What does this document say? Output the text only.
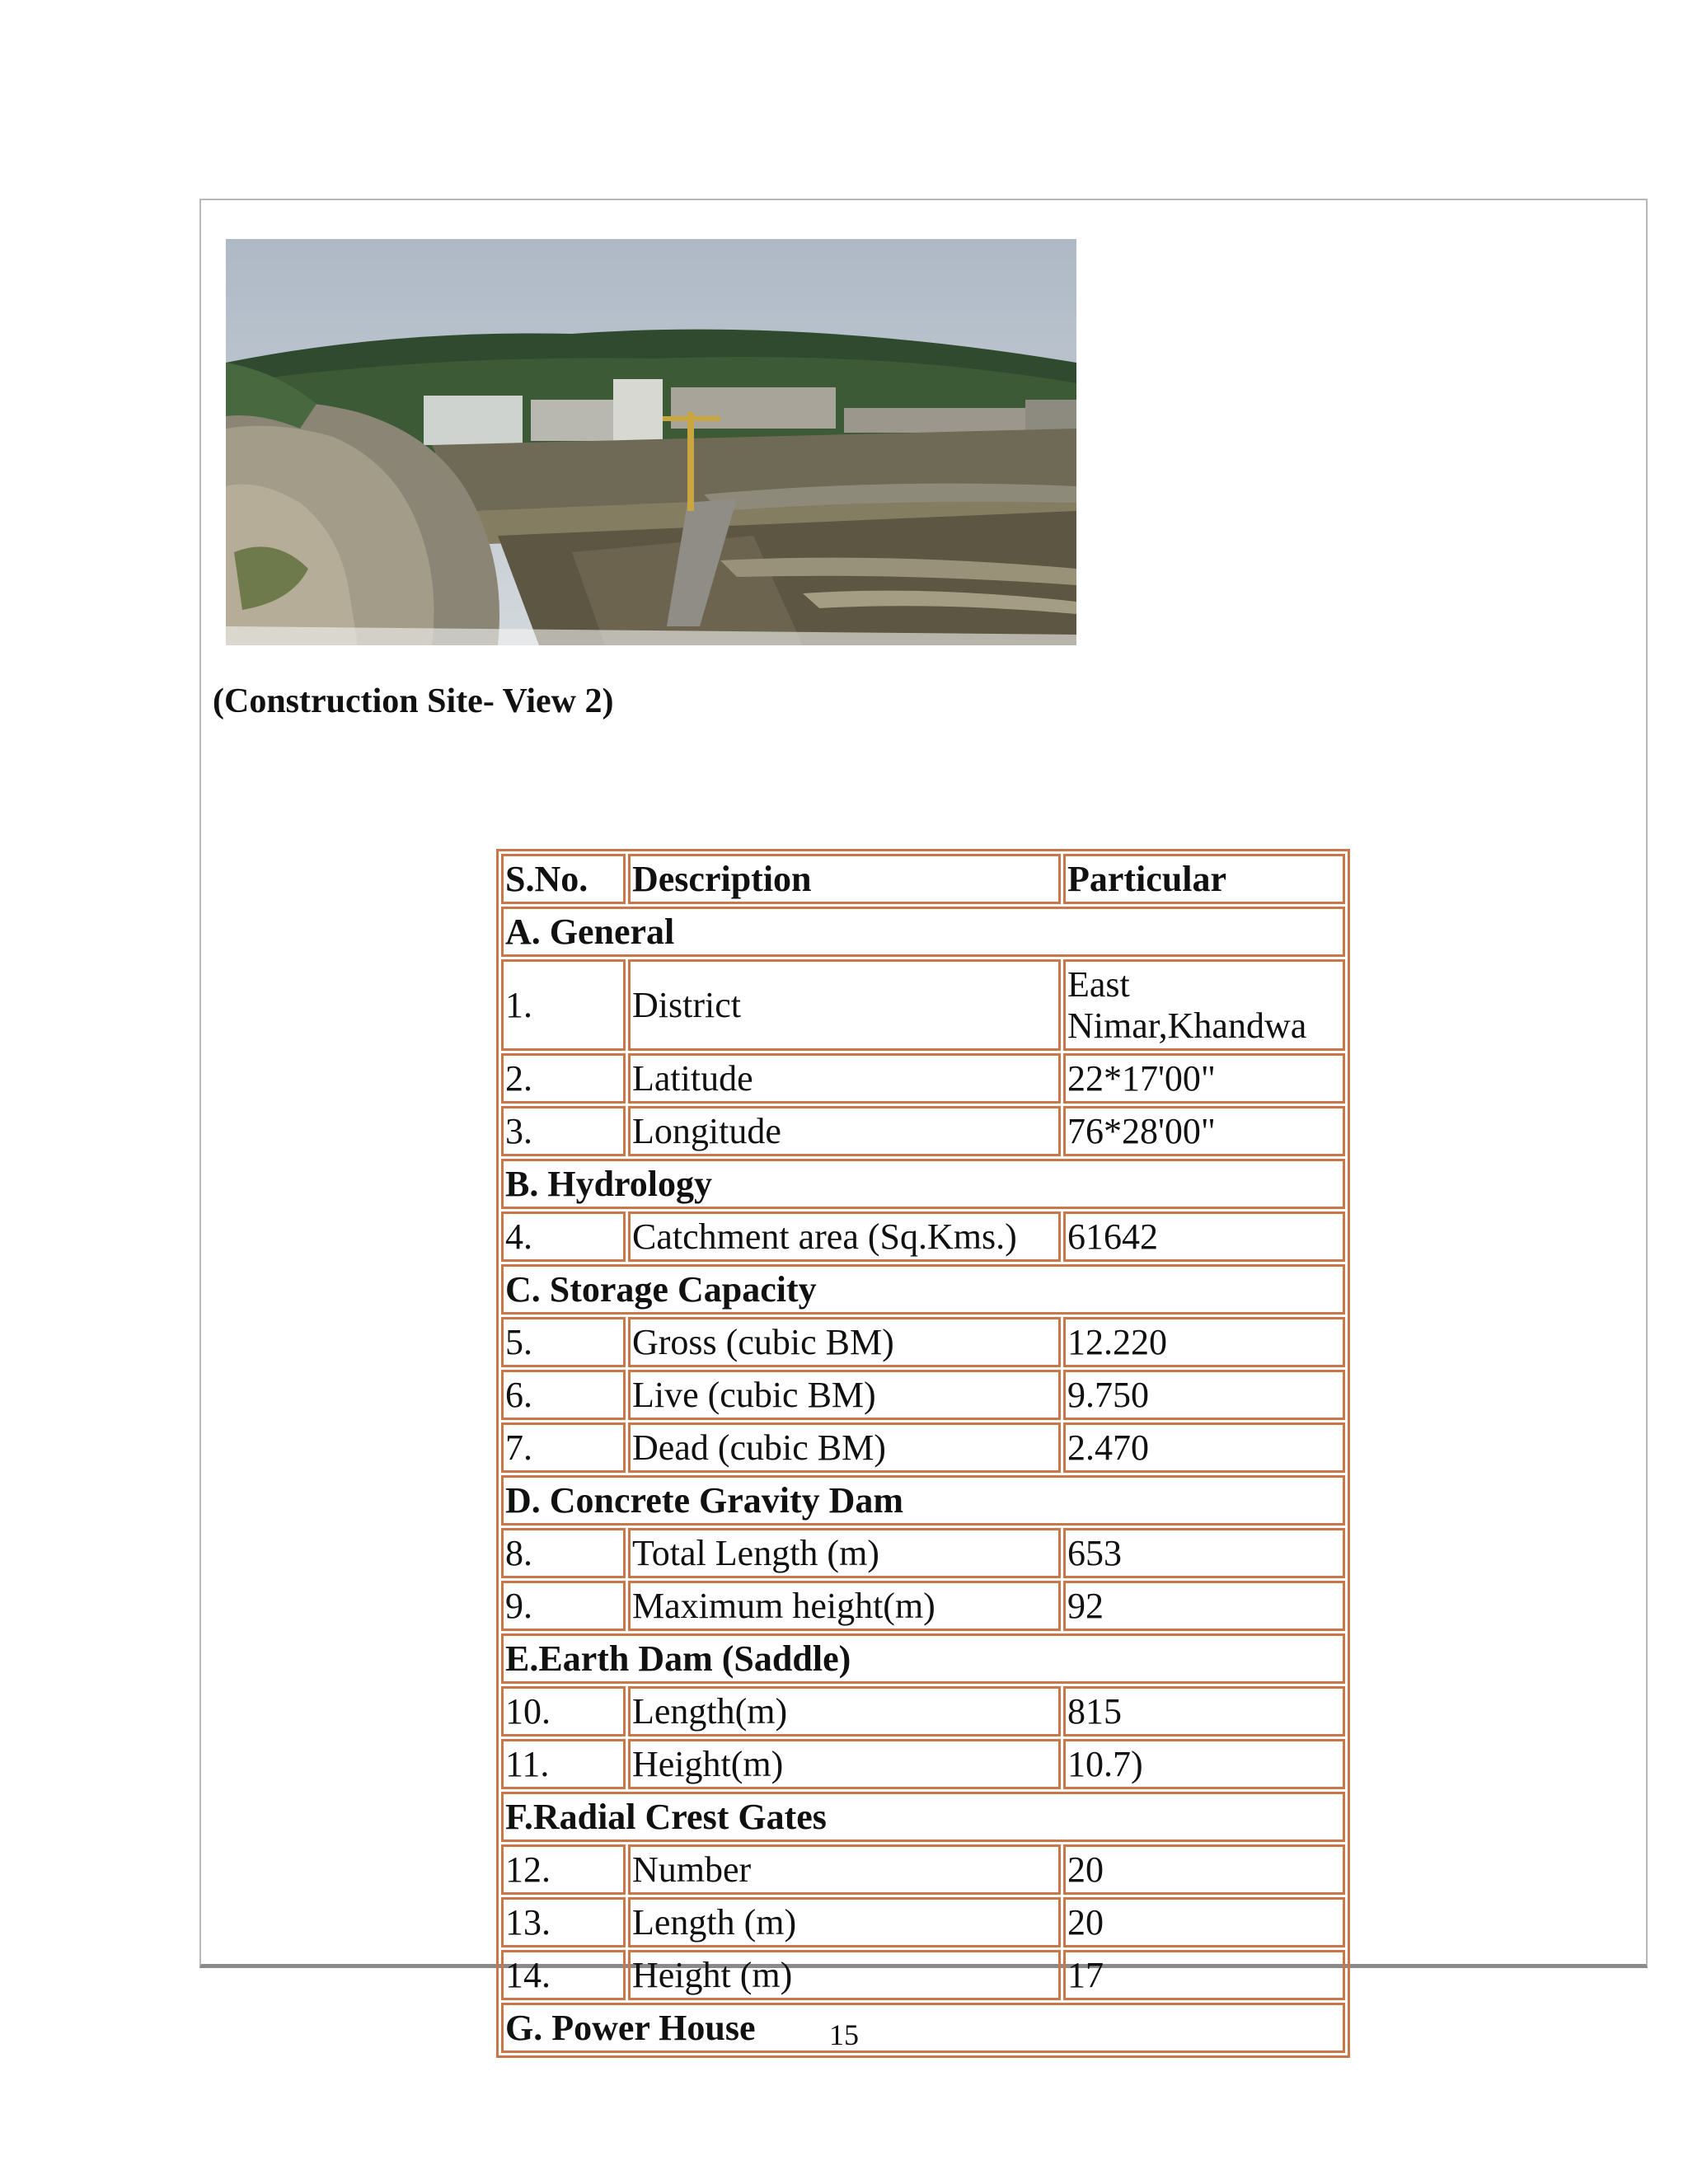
(Construction Site- View 2)
S.No.	Description	Particular
A. General		
1.	District	East Nimar,Khandwa
2.	Latitude	22*17'00"
3.	Longitude	76*28'00"
B. Hydrology		
4.	Catchment area (Sq.Kms.)	61642
C. Storage Capacity		
5.	Gross (cubic BM)	12.220
6.	Live (cubic BM)	9.750
7.	Dead (cubic BM)	2.470
D. Concrete Gravity Dam		
8.	Total Length (m)	653
9.	Maximum height(m)	92
E.Earth Dam (Saddle)		
10.	Length(m)	815
11.	Height(m)	10.7)
F.Radial Crest Gates		
12.	Number	20
13.	Length (m)	20
14.	Height (m)	17
G. Power House			15
